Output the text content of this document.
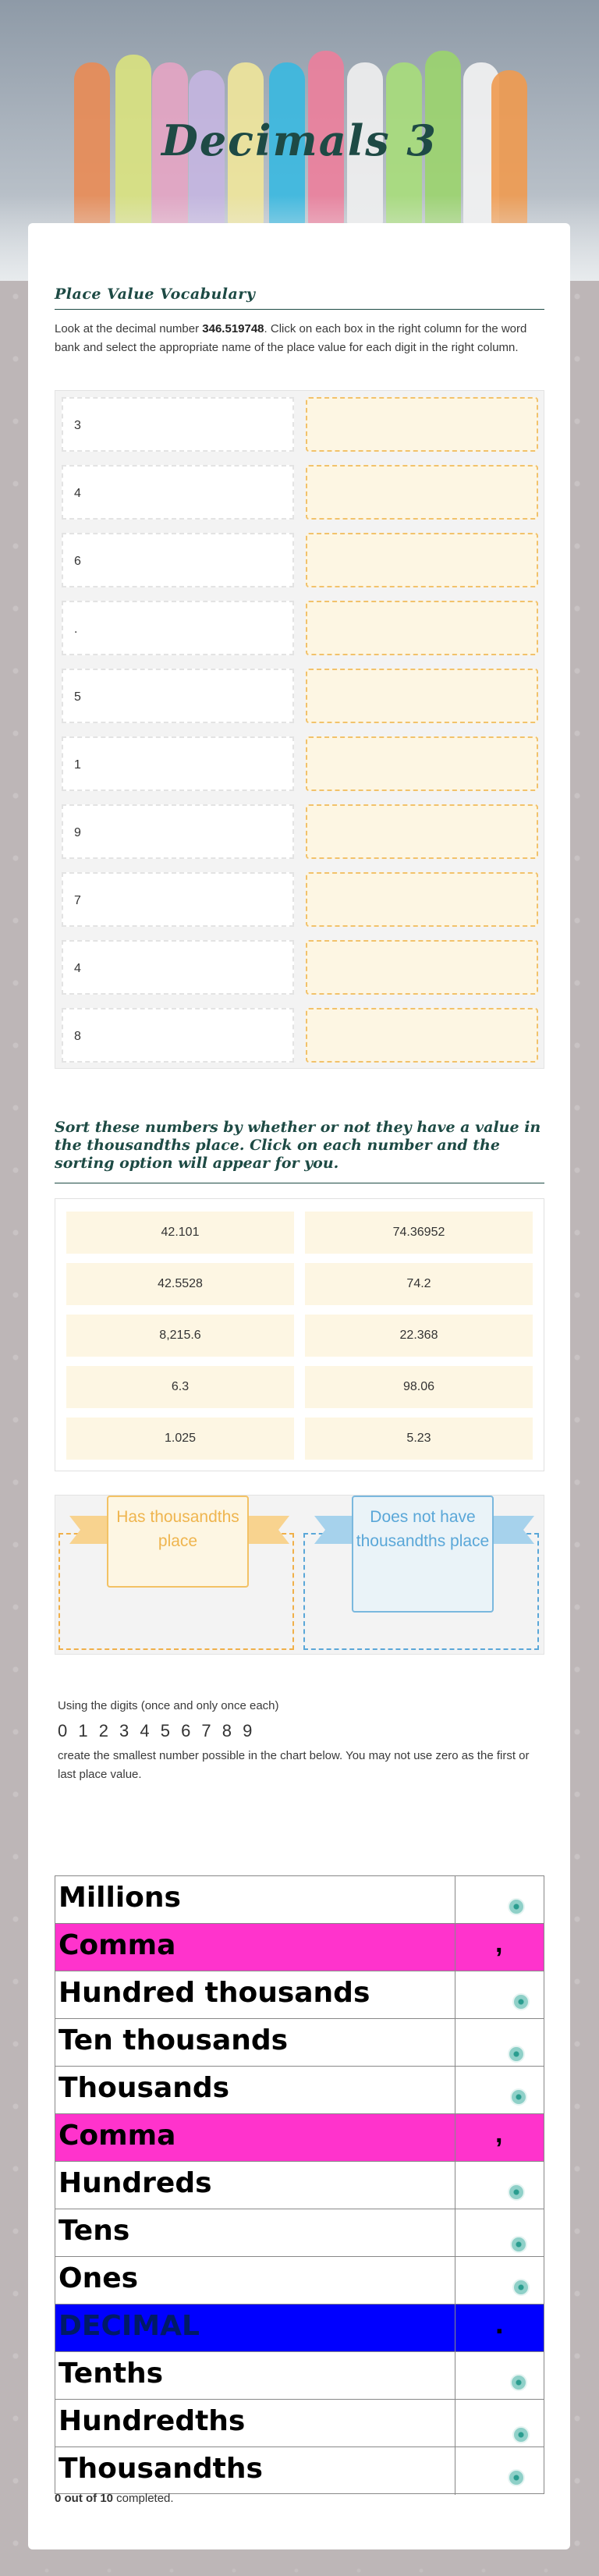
Decimals 3
Place Value Vocabulary
Look at the decimal number 346.519748. Click on each box in the right column for the word bank and select the appropriate name of the place value for each digit in the right column.
3
4
6
.
5
1
9
7
4
8
Sort these numbers by whether or not they have a value in the thousandths place. Click on each number and the sorting option will appear for you.
42.101
42.5528
8,215.6
6.3
1.025
74.36952
74.2
22.368
98.06
5.23
Has thousandths place
Does not have thousandths place
Using the digits (once and only once each)
0 1 2 3 4 5 6 7 8 9
create the smallest number possible in the chart below. You may not use zero as the first or last place value.
Millions
Comma	,
Hundred thousands
Ten thousands
Thousands
Comma	,
Hundreds
Tens
Ones
DECIMAL	.
Tenths
Hundredths
Thousandths
0 out of 10 completed.
